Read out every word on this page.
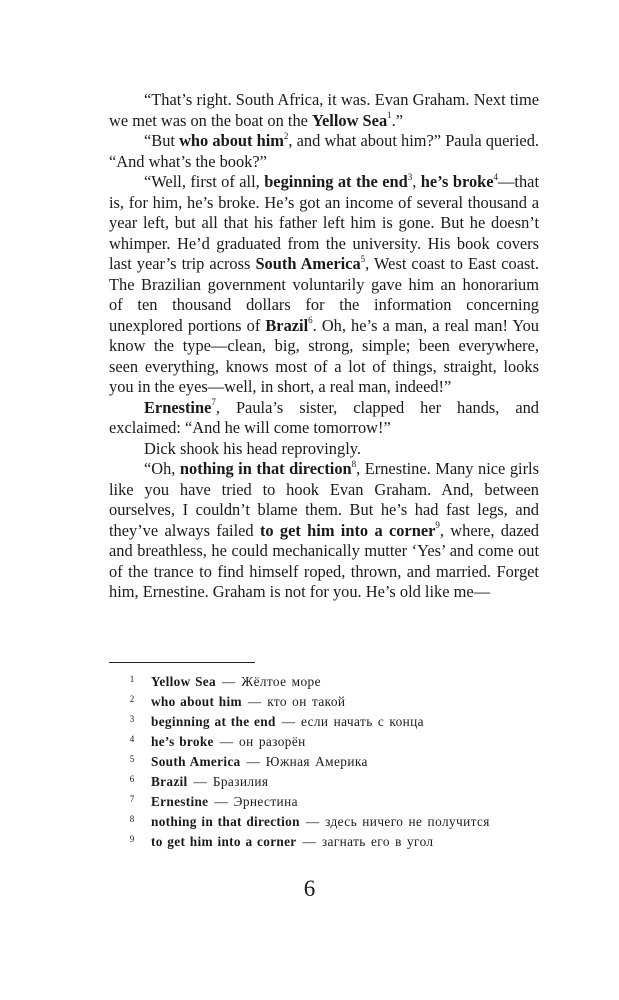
“That’s right. South Africa, it was. Evan Graham. Next time we met was on the boat on the Yellow Sea$^1$.”

“But who about him$^2$, and what about him?” Paula queried. “And what’s the book?”

“Well, first of all, beginning at the end$^3$, he’s broke$^4$—that is, for him, he’s broke. He’s got an income of several thousand a year left, but all that his father left him is gone. But he doesn’t whimper. He’d graduated from the university. His book covers last year’s trip across South America$^5$, West coast to East coast. The Brazilian government voluntarily gave him an honorarium of ten thousand dollars for the information concerning unexplored portions of Brazil$^6$. Oh, he’s a man, a real man! You know the type—clean, big, strong, simple; been everywhere, seen everything, knows most of a lot of things, straight, looks you in the eyes—well, in short, a real man, indeed!”

Ernestine$^7$, Paula’s sister, clapped her hands, and exclaimed: “And he will come tomorrow!”

Dick shook his head reprovingly.

“Oh, nothing in that direction$^8$, Ernestine. Many nice girls like you have tried to hook Evan Graham. And, between ourselves, I couldn’t blame them. But he’s had fast legs, and they’ve always failed to get him into a corner$^9$, where, dazed and breathless, he could mechanically mutter ‘Yes’ and come out of the trance to find himself roped, thrown, and married. Forget him, Ernestine. Graham is not for you. He’s old like me—

1	Yellow Sea — Жёлтое море
2	who about him — кто он такой
3	beginning at the end — если начать с конца
4	he’s broke — он разорён
5	South America — Южная Америка
6	Brazil — Бразилия
7	Ernestine — Эрнестина
8	nothing in that direction — здесь ничего не получится
9	to get him into a corner — загнать его в угол
6
